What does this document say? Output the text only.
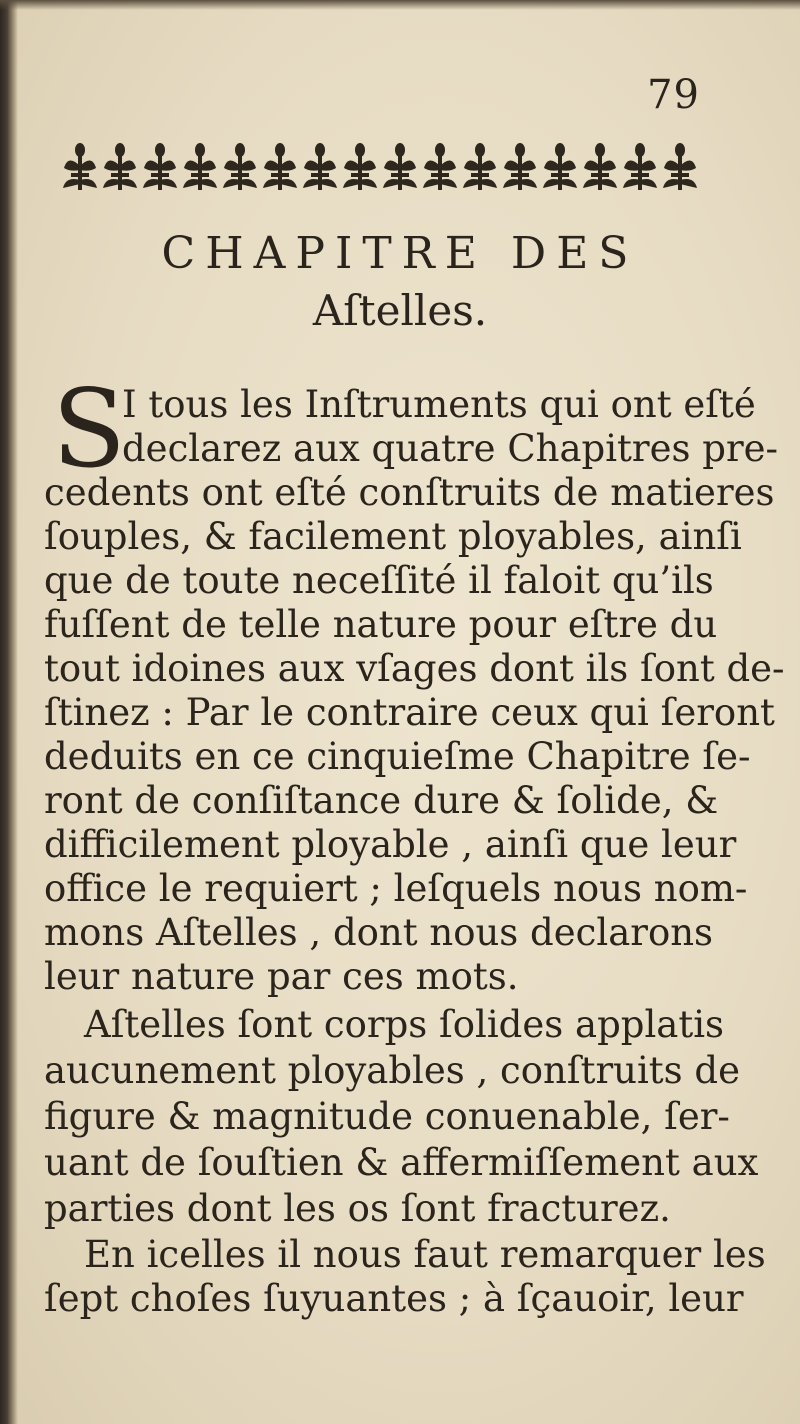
79
CHAPITRE DES
Aſtelles.
S
I tous les Inſtruments qui ont eſté
declarez aux quatre Chapitres pre-
cedents ont eſté conſtruits de matieres
ſouples, & facilement ployables, ainſi
que de toute neceſſité il faloit qu’ils
fuſſent de telle nature pour eſtre du
tout idoines aux vſages dont ils ſont de-
ſtinez : Par le contraire ceux qui ſeront
deduits en ce cinquieſme Chapitre ſe-
ront de conſiſtance dure & ſolide, &
difficilement ployable , ainſi que leur
office le requiert ; leſquels nous nom-
mons Aſtelles , dont nous declarons
leur nature par ces mots.
Aſtelles ſont corps ſolides applatis
aucunement ployables , conſtruits de
figure & magnitude conuenable, ſer-
uant de ſouſtien & affermiſſement aux
parties dont les os ſont fracturez.
En icelles il nous faut remarquer les
ſept choſes ſuyuantes ; à ſçauoir, leur
